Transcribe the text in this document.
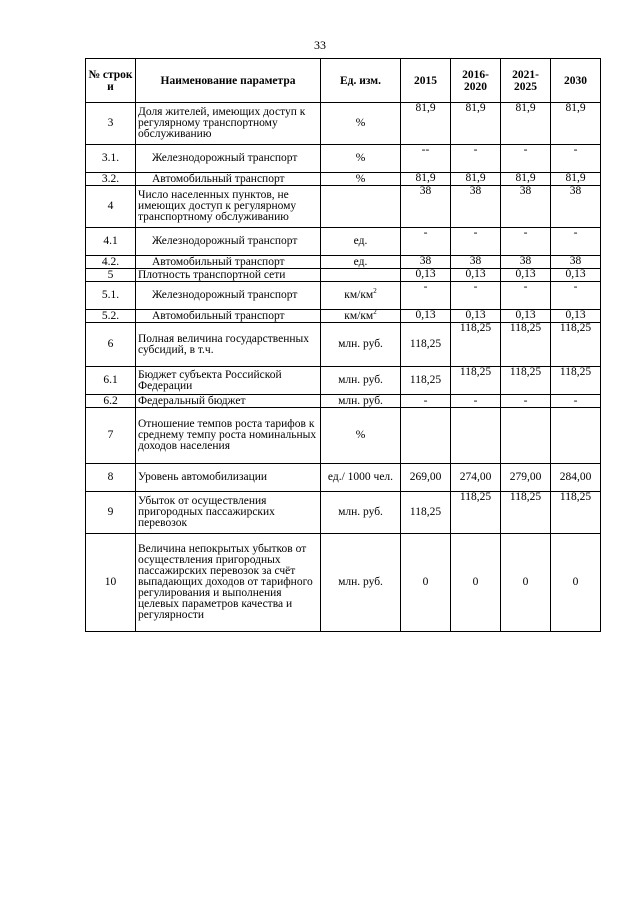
33
№ строк и	Наименование параметра	Ед. изм.	2015	2016-2020	2021-2025	2030
3	Доля жителей, имеющих доступ к регулярному транспортному обслуживанию	%	81,9	81,9	81,9	81,9
3.1.	Железнодорожный транспорт	%	--	-	-	-
3.2.	Автомобильный транспорт	%	81,9	81,9	81,9	81,9
4	Число населенных пунктов, не имеющих доступ к регулярному транспортному обслуживанию		38	38	38	38
4.1	Железнодорожный транспорт	ед.	-	-	-	-
4.2.	Автомобильный транспорт	ед.	38	38	38	38
5	Плотность транспортной сети		0,13	0,13	0,13	0,13
5.1.	Железнодорожный транспорт	$км/км^2$	-	-	-	-
5.2.	Автомобильный транспорт	$км/км^2$	0,13	0,13	0,13	0,13
6	Полная величина государственных субсидий, в т.ч.	млн. руб.	118,25	118,25	118,25	118,25
6.1	Бюджет субъекта Российской Федерации	млн. руб.	118,25	118,25	118,25	118,25
6.2	Федеральный бюджет	млн. руб.	-	-	-	-
7	Отношение темпов роста тарифов к среднему темпу роста номинальных доходов населения	%				
8	Уровень автомобилизации	ед./ 1000 чел.	269,00	274,00	279,00	284,00
9	Убыток от осуществления пригородных пассажирских перевозок	млн. руб.	118,25	118,25	118,25	118,25
10	Величина непокрытых убытков от осуществления пригородных пассажирских перевозок за счёт выпадающих доходов от тарифного регулирования и выполнения целевых параметров качества и регулярности	млн. руб.	0	0	0	0
